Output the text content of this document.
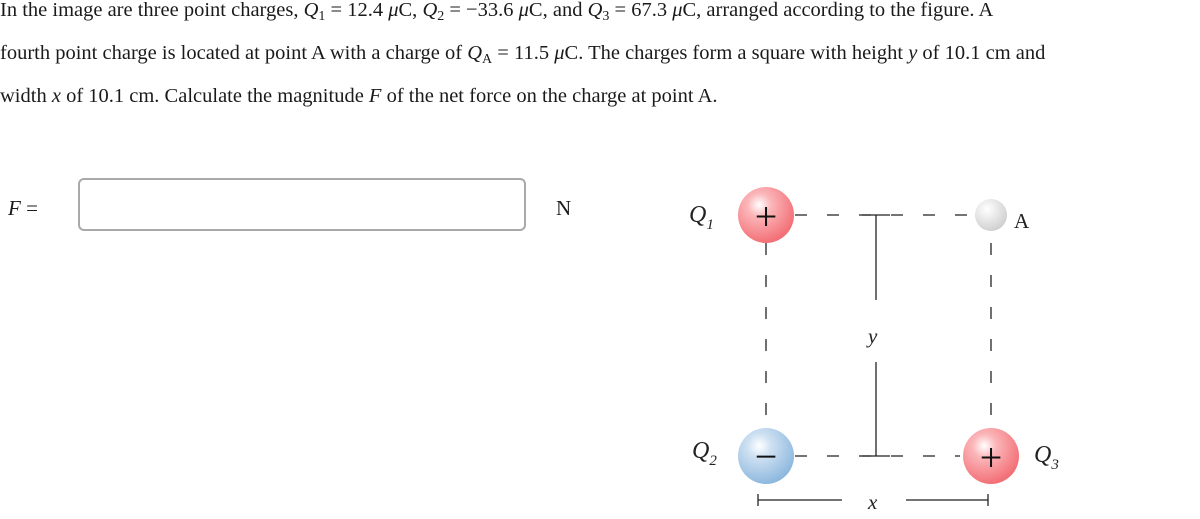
In the image are three point charges, $Q_1 = 12.4$ μC, $Q_2 = -33.6$ μC, and $Q_3 = 67.3$ μC, arranged according to the figure. A

fourth point charge is located at point A with a charge of $Q_A = 11.5$ μC. The charges form a square with height y of 10.1 cm and

width x of 10.1 cm. Calculate the magnitude F of the net force on the charge at point A.

F =	N
y
x
+
$Q_1$	A
−
$Q_2$	+ $Q_3$
